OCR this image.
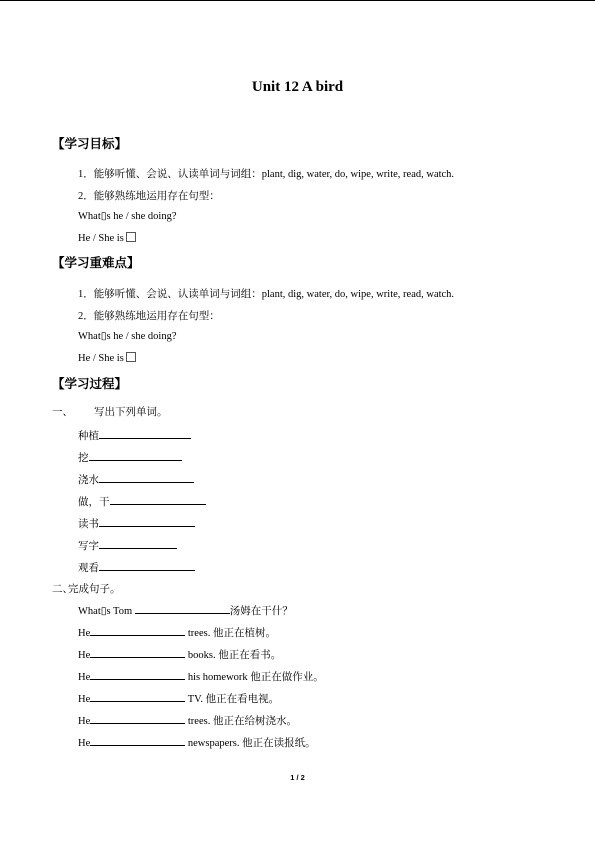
Unit 12 A bird
【学习目标】
1．能够听懂、会说、认读单词与词组：plant, dig, water, do, wipe, write, read, watch.
2．能够熟练地运用存在句型：
What▯s he / she doing?
He / She is
【学习重难点】
1．能够听懂、会说、认读单词与词组：plant, dig, water, do, wipe, write, read, watch.
2．能够熟练地运用存在句型：
What▯s he / she doing?
He / She is
【学习过程】
一、 写出下列单词。
种植
挖
浇水
做，干
读书
写字
观看
二、
完成句子。
What▯s Tom	汤姆在干什？
He	trees. 他正在植树。
He	books. 他正在看书。
He	his homework 他正在做作业。
He	TV. 他正在看电视。
He	trees. 他正在给树浇水。
He	newspapers. 他正在读报纸。
1 / 2
